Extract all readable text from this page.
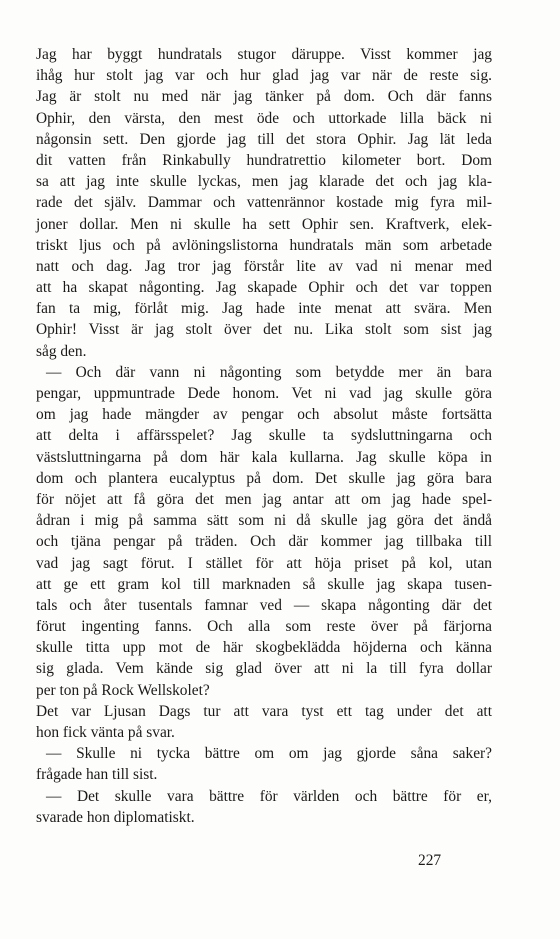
Jag har byggt hundratals stugor däruppe. Visst kommer jag
ihåg hur stolt jag var och hur glad jag var när de reste sig.
Jag är stolt nu med när jag tänker på dom. Och där fanns
Ophir, den värsta, den mest öde och uttorkade lilla bäck ni
någonsin sett. Den gjorde jag till det stora Ophir. Jag lät leda
dit vatten från Rinkabully hundratrettio kilometer bort. Dom
sa att jag inte skulle lyckas, men jag klarade det och jag kla-
rade det själv. Dammar och vattenrännor kostade mig fyra mil-
joner dollar. Men ni skulle ha sett Ophir sen. Kraftverk, elek-
triskt ljus och på avlöningslistorna hundratals män som arbetade
natt och dag. Jag tror jag förstår lite av vad ni menar med
att ha skapat någonting. Jag skapade Ophir och det var toppen
fan ta mig, förlåt mig. Jag hade inte menat att svära. Men
Ophir! Visst är jag stolt över det nu. Lika stolt som sist jag
såg den.
— Och där vann ni någonting som betydde mer än bara
pengar, uppmuntrade Dede honom. Vet ni vad jag skulle göra
om jag hade mängder av pengar och absolut måste fortsätta
att delta i affärsspelet? Jag skulle ta sydsluttningarna och
västsluttningarna på dom här kala kullarna. Jag skulle köpa in
dom och plantera eucalyptus på dom. Det skulle jag göra bara
för nöjet att få göra det men jag antar att om jag hade spel-
ådran i mig på samma sätt som ni då skulle jag göra det ändå
och tjäna pengar på träden. Och där kommer jag tillbaka till
vad jag sagt förut. I stället för att höja priset på kol, utan
att ge ett gram kol till marknaden så skulle jag skapa tusen-
tals och åter tusentals famnar ved — skapa någonting där det
förut ingenting fanns. Och alla som reste över på färjorna
skulle titta upp mot de här skogbeklädda höjderna och känna
sig glada. Vem kände sig glad över att ni la till fyra dollar
per ton på Rock Wellskolet?
Det var Ljusan Dags tur att vara tyst ett tag under det att
hon fick vänta på svar.
— Skulle ni tycka bättre om om jag gjorde såna saker?
frågade han till sist.
— Det skulle vara bättre för världen och bättre för er,
svarade hon diplomatiskt.
227
